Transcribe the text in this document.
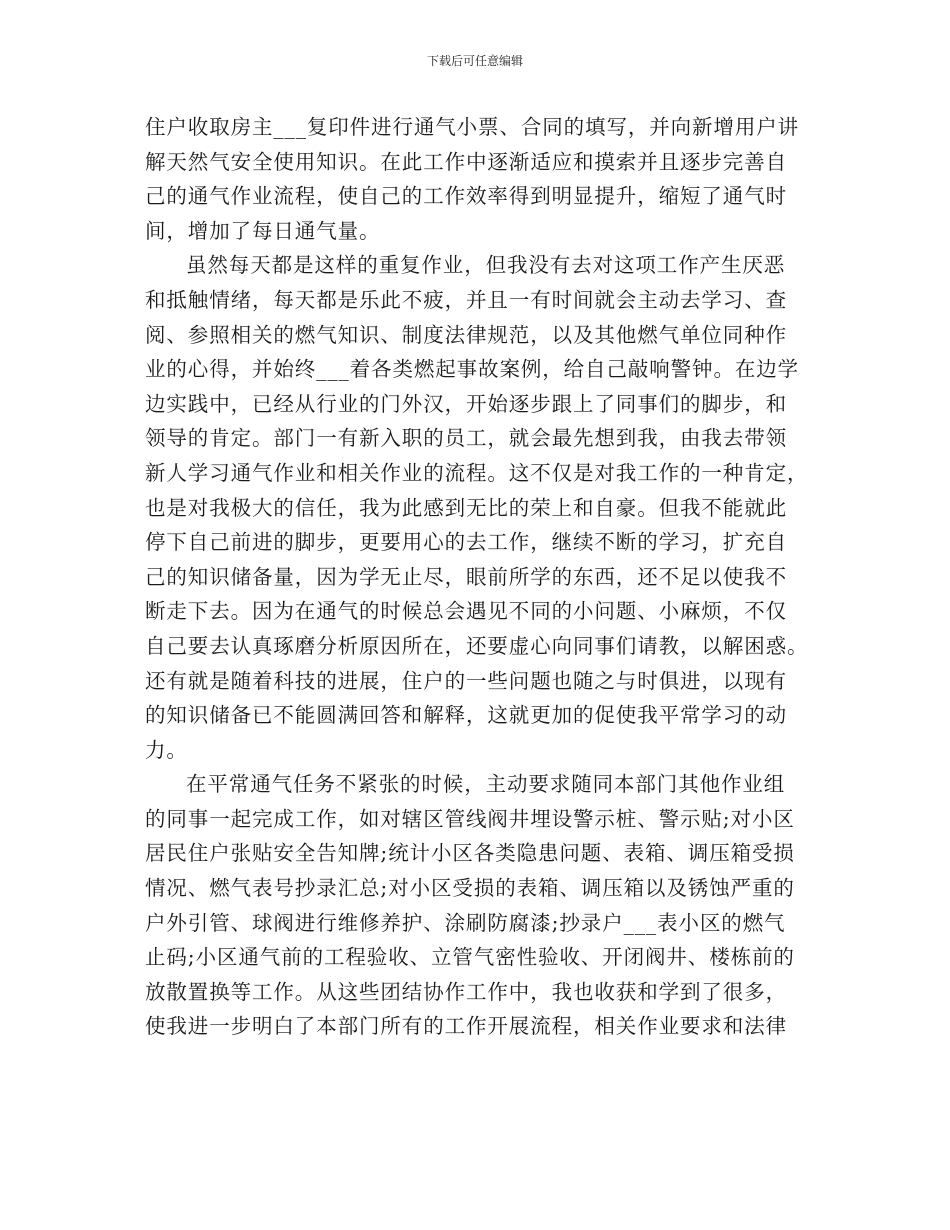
下载后可任意编辑
住户收取房主___复印件进行通气小票、合同的填写，并向新增用户讲
解天然气安全使用知识。在此工作中逐渐适应和摸索并且逐步完善自
己的通气作业流程，使自己的工作效率得到明显提升，缩短了通气时
间，增加了每日通气量。
虽然每天都是这样的重复作业，但我没有去对这项工作产生厌恶
和抵触情绪，每天都是乐此不疲，并且一有时间就会主动去学习、查
阅、参照相关的燃气知识、制度法律规范，以及其他燃气单位同种作
业的心得，并始终___着各类燃起事故案例，给自己敲响警钟。在边学
边实践中，已经从行业的门外汉，开始逐步跟上了同事们的脚步，和
领导的肯定。部门一有新入职的员工，就会最先想到我，由我去带领
新人学习通气作业和相关作业的流程。这不仅是对我工作的一种肯定，
也是对我极大的信任，我为此感到无比的荣上和自豪。但我不能就此
停下自己前进的脚步，更要用心的去工作，继续不断的学习，扩充自
己的知识储备量，因为学无止尽，眼前所学的东西，还不足以使我不
断走下去。因为在通气的时候总会遇见不同的小问题、小麻烦，不仅
自己要去认真琢磨分析原因所在，还要虚心向同事们请教，以解困惑。
还有就是随着科技的进展，住户的一些问题也随之与时俱进，以现有
的知识储备已不能圆满回答和解释，这就更加的促使我平常学习的动
力。
在平常通气任务不紧张的时候，主动要求随同本部门其他作业组
的同事一起完成工作，如对辖区管线阀井埋设警示桩、警示贴;对小区
居民住户张贴安全告知牌;统计小区各类隐患问题、表箱、调压箱受损
情况、燃气表号抄录汇总;对小区受损的表箱、调压箱以及锈蚀严重的
户外引管、球阀进行维修养护、涂刷防腐漆;抄录户___表小区的燃气
止码;小区通气前的工程验收、立管气密性验收、开闭阀井、楼栋前的
放散置换等工作。从这些团结协作工作中，我也收获和学到了很多，
使我进一步明白了本部门所有的工作开展流程，相关作业要求和法律
